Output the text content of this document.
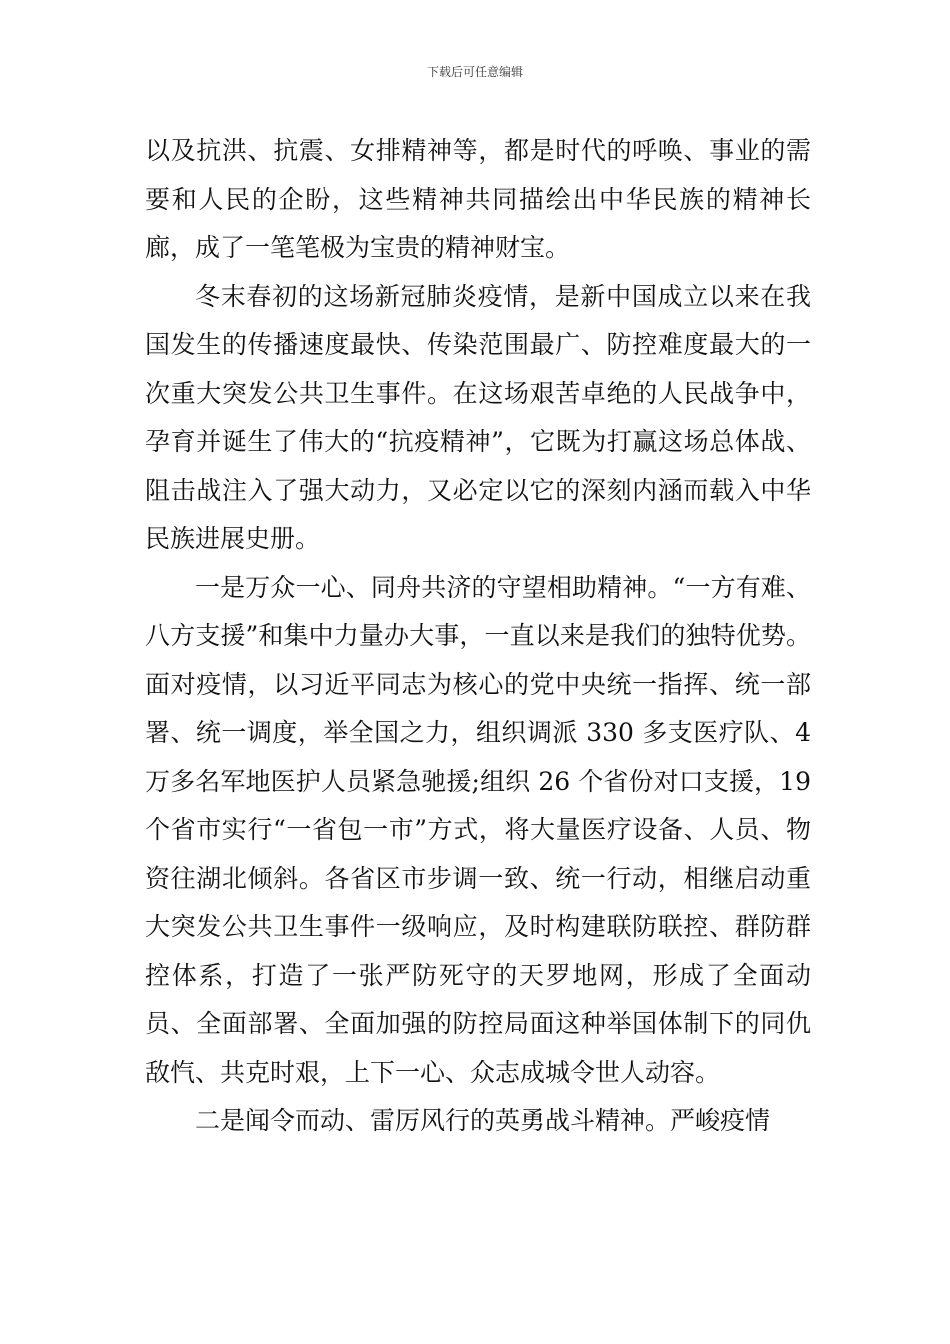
下载后可任意编辑

以及抗洪、抗震、女排精神等，都是时代的呼唤、事业的需要和人民的企盼，这些精神共同描绘出中华民族的精神长廊，成了一笔笔极为宝贵的精神财宝。

冬末春初的这场新冠肺炎疫情，是新中国成立以来在我国发生的传播速度最快、传染范围最广、防控难度最大的一次重大突发公共卫生事件。在这场艰苦卓绝的人民战争中，孕育并诞生了伟大的“抗疫精神”，它既为打赢这场总体战、阻击战注入了强大动力，又必定以它的深刻内涵而载入中华民族进展史册。

一是万众一心、同舟共济的守望相助精神。“一方有难、八方支援”和集中力量办大事，一直以来是我们的独特优势。面对疫情，以习近平同志为核心的党中央统一指挥、统一部署、统一调度，举全国之力，组织调派 330 多支医疗队、4 万多名军地医护人员紧急驰援;组织 26 个省份对口支援，19 个省市实行“一省包一市”方式，将大量医疗设备、人员、物资往湖北倾斜。各省区市步调一致、统一行动，相继启动重大突发公共卫生事件一级响应，及时构建联防联控、群防群控体系，打造了一张严防死守的天罗地网，形成了全面动员、全面部署、全面加强的防控局面这种举国体制下的同仇敌忾、共克时艰，上下一心、众志成城令世人动容。

二是闻令而动、雷厉风行的英勇战斗精神。严峻疫情
